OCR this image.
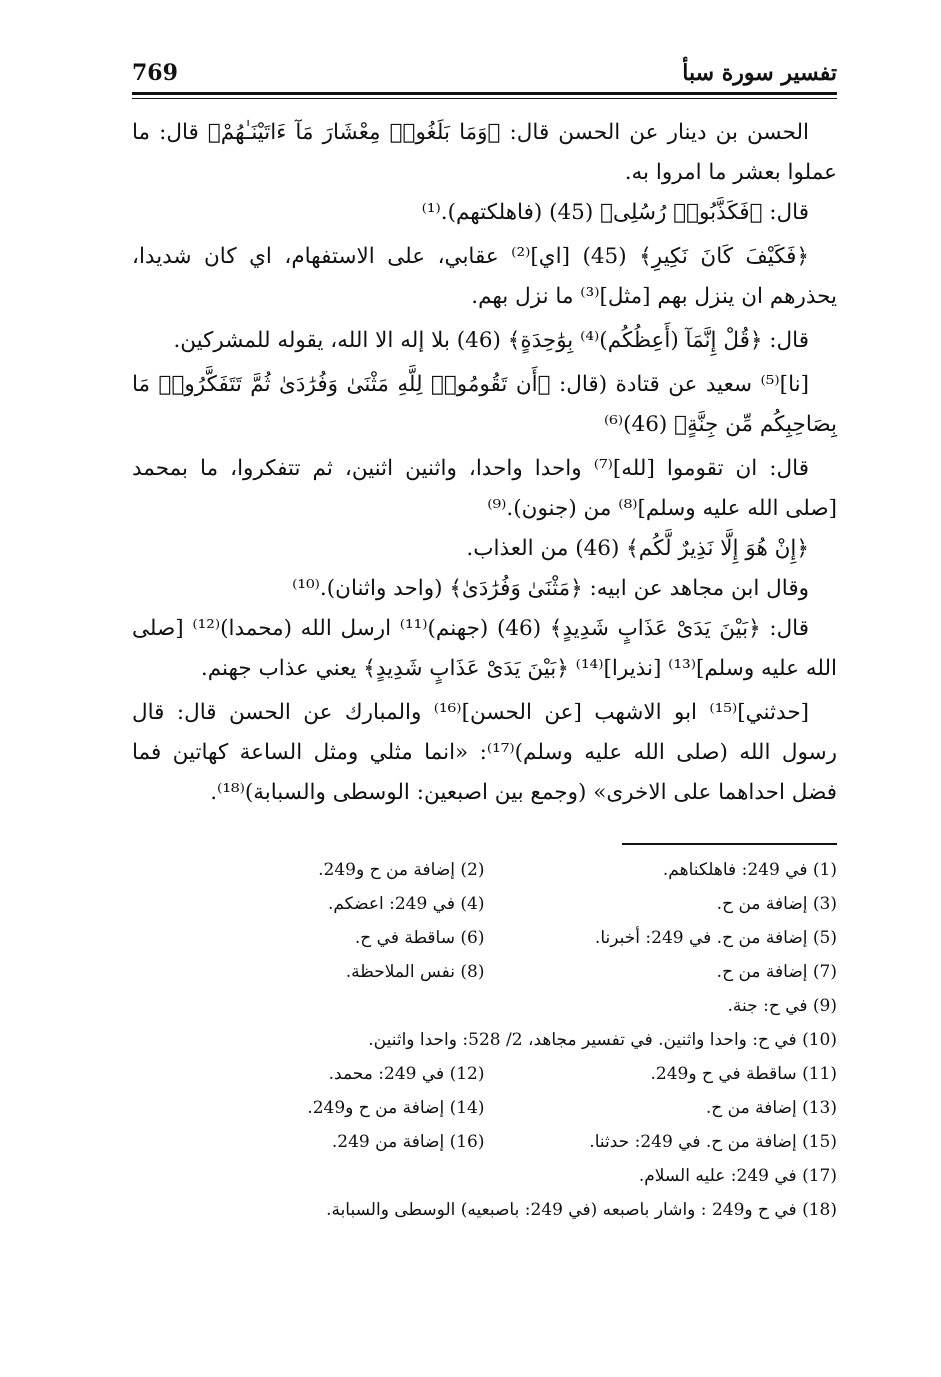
تفسير سورة سبأ
769

الحسن بن دينار عن الحسن قال: ﴿وَمَا بَلَغُوا۟ مِعْشَارَ مَآ ءَاتَيْنَـٰهُمْ﴾ قال: ما عملوا بعشر ما امروا به.

قال: ﴿فَكَذَّبُوا۟ رُسُلِى﴾ (45) (فاهلكتهم).⁽¹⁾

﴿فَكَيْفَ كَانَ نَكِيرِ﴾ (45) [اي]⁽²⁾ عقابي، على الاستفهام، اي كان شديدا، يحذرهم ان ينزل بهم [مثل]⁽³⁾ ما نزل بهم.

قال: ﴿قُلْ إِنَّمَآ (أَعِظُكُم)⁽⁴⁾ بِوَٰحِدَةٍ﴾ (46) بلا إله الا الله، يقوله للمشركين.

[نا]⁽⁵⁾ سعيد عن قتادة (قال: ﴿أَن تَقُومُوا۟ لِلَّهِ مَثْنَىٰ وَفُرَٰدَىٰ ثُمَّ تَتَفَكَّرُوا۟ مَا بِصَاحِبِكُم مِّن جِنَّةٍ﴾ (46)⁽⁶⁾

قال: ان تقوموا [لله]⁽⁷⁾ واحدا واحدا، واثنين اثنين، ثم تتفكروا، ما بمحمد [صلى الله عليه وسلم]⁽⁸⁾ من (جنون).⁽⁹⁾

﴿إِنْ هُوَ إِلَّا نَذِيرٌ لَّكُم﴾ (46) من العذاب.

وقال ابن مجاهد عن ابيه: ﴿مَثْنَىٰ وَفُرَٰدَىٰ﴾ (واحد واثنان).⁽¹⁰⁾

قال: ﴿بَيْنَ يَدَىْ عَذَابٍ شَدِيدٍ﴾ (46) (جهنم)⁽¹¹⁾ ارسل الله (محمدا)⁽¹²⁾ [صلى الله عليه وسلم]⁽¹³⁾ [نذيرا]⁽¹⁴⁾ ﴿بَيْنَ يَدَىْ عَذَابٍ شَدِيدٍ﴾ يعني عذاب جهنم.

[حدثني]⁽¹⁵⁾ ابو الاشهب [عن الحسن]⁽¹⁶⁾ والمبارك عن الحسن قال: قال رسول الله (صلى الله عليه وسلم)⁽¹⁷⁾: «انما مثلي ومثل الساعة كهاتين فما فضل احداهما على الاخرى» (وجمع بين اصبعين: الوسطى والسبابة)⁽¹⁸⁾.

(1) في 249: فاهلكناهم.
(2) إضافة من ح و249.
(3) إضافة من ح.
(4) في 249: اعضكم.
(5) إضافة من ح. في 249: أخبرنا.
(6) ساقطة في ح.
(7) إضافة من ح.
(8) نفس الملاحظة.
(9) في ح: جنة.
(10) في ح: واحدا واثنين. في تفسير مجاهد، 2/ 528: واحدا واثنين.
(11) ساقطة في ح و249.
(12) في 249: محمد.
(13) إضافة من ح.
(14) إضافة من ح و249.
(15) إضافة من ح. في 249: حدثنا.
(16) إضافة من 249.
(17) في 249: عليه السلام.
(18) في ح و249 : واشار باصبعه (في 249: باصبعيه) الوسطى والسبابة.
